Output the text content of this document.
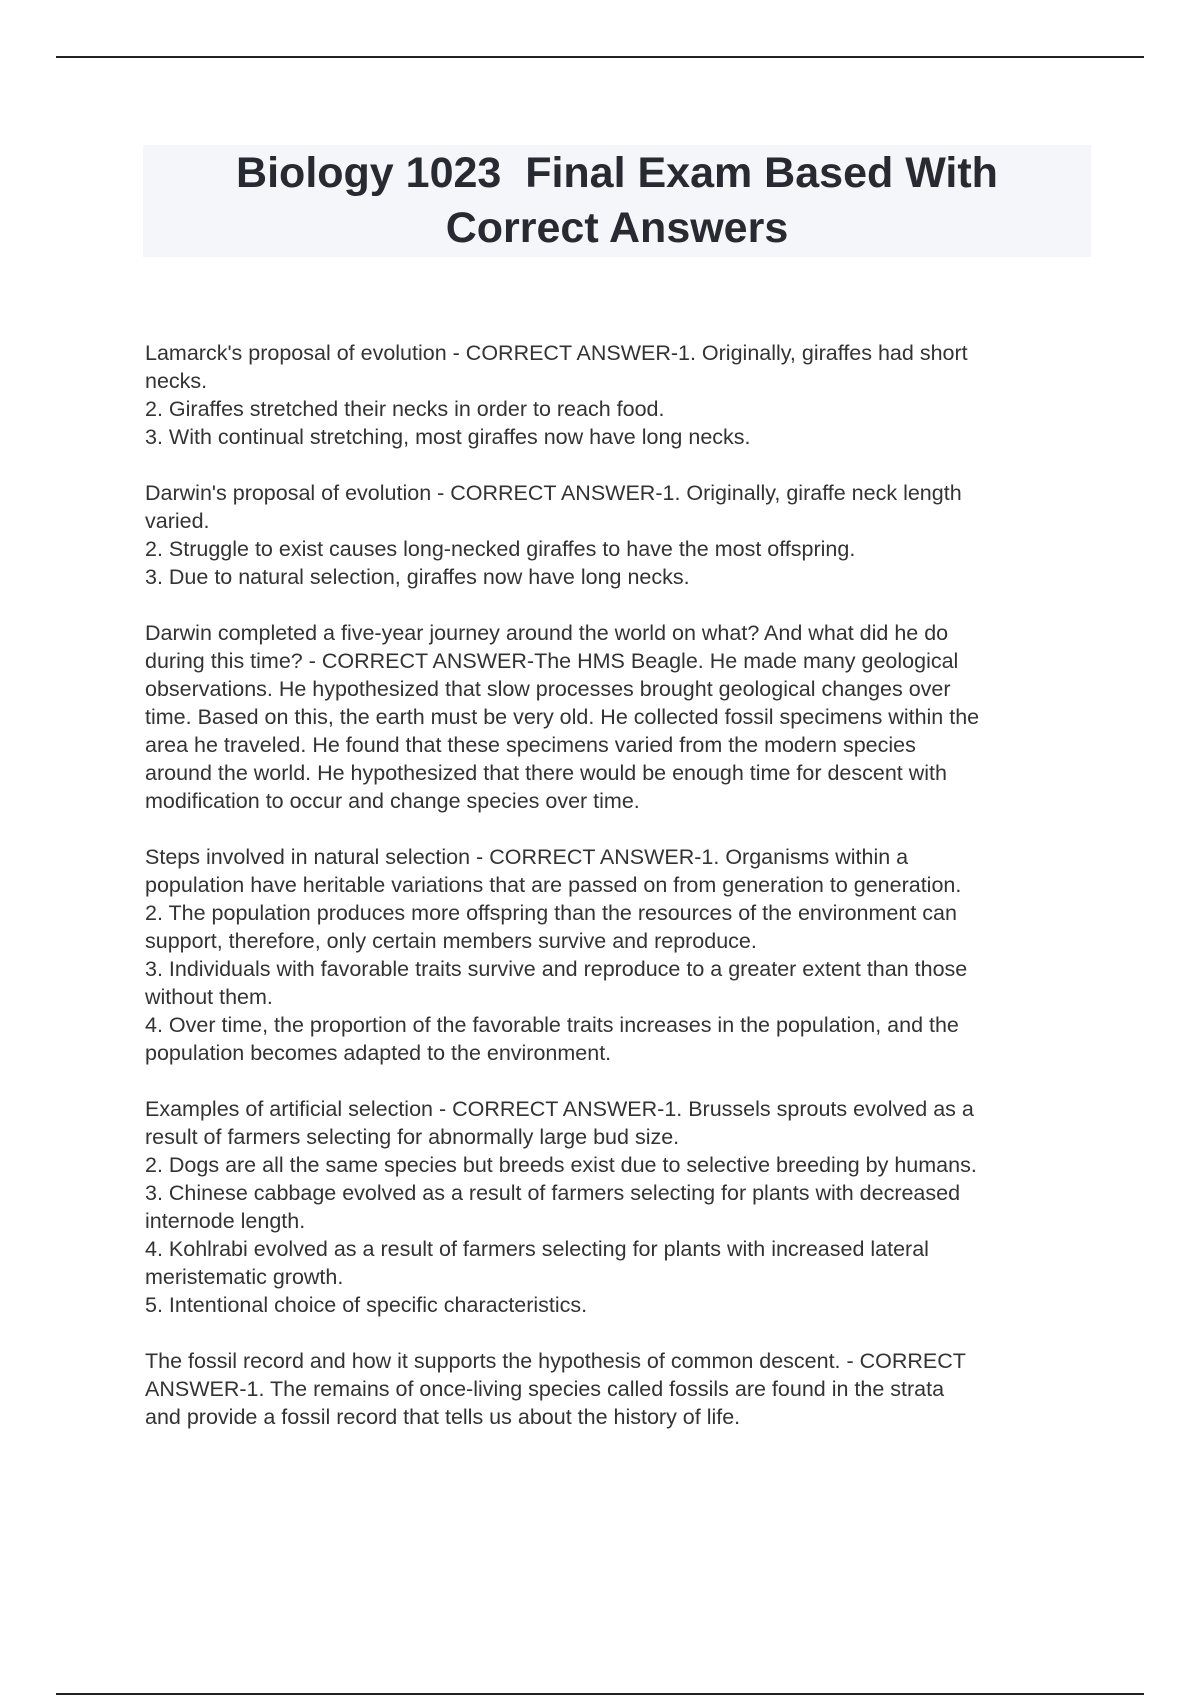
Biology 1023  Final Exam Based With
Correct Answers
Lamarck's proposal of evolution - CORRECT ANSWER-1. Originally, giraffes had short
necks.
2. Giraffes stretched their necks in order to reach food.
3. With continual stretching, most giraffes now have long necks.
Darwin's proposal of evolution - CORRECT ANSWER-1. Originally, giraffe neck length
varied.
2. Struggle to exist causes long-necked giraffes to have the most offspring.
3. Due to natural selection, giraffes now have long necks.
Darwin completed a five-year journey around the world on what? And what did he do
during this time? - CORRECT ANSWER-The HMS Beagle. He made many geological
observations. He hypothesized that slow processes brought geological changes over
time. Based on this, the earth must be very old. He collected fossil specimens within the
area he traveled. He found that these specimens varied from the modern species
around the world. He hypothesized that there would be enough time for descent with
modification to occur and change species over time.
Steps involved in natural selection - CORRECT ANSWER-1. Organisms within a
population have heritable variations that are passed on from generation to generation.
2. The population produces more offspring than the resources of the environment can
support, therefore, only certain members survive and reproduce.
3. Individuals with favorable traits survive and reproduce to a greater extent than those
without them.
4. Over time, the proportion of the favorable traits increases in the population, and the
population becomes adapted to the environment.
Examples of artificial selection - CORRECT ANSWER-1. Brussels sprouts evolved as a
result of farmers selecting for abnormally large bud size.
2. Dogs are all the same species but breeds exist due to selective breeding by humans.
3. Chinese cabbage evolved as a result of farmers selecting for plants with decreased
internode length.
4. Kohlrabi evolved as a result of farmers selecting for plants with increased lateral
meristematic growth.
5. Intentional choice of specific characteristics.
The fossil record and how it supports the hypothesis of common descent. - CORRECT
ANSWER-1. The remains of once-living species called fossils are found in the strata
and provide a fossil record that tells us about the history of life.
